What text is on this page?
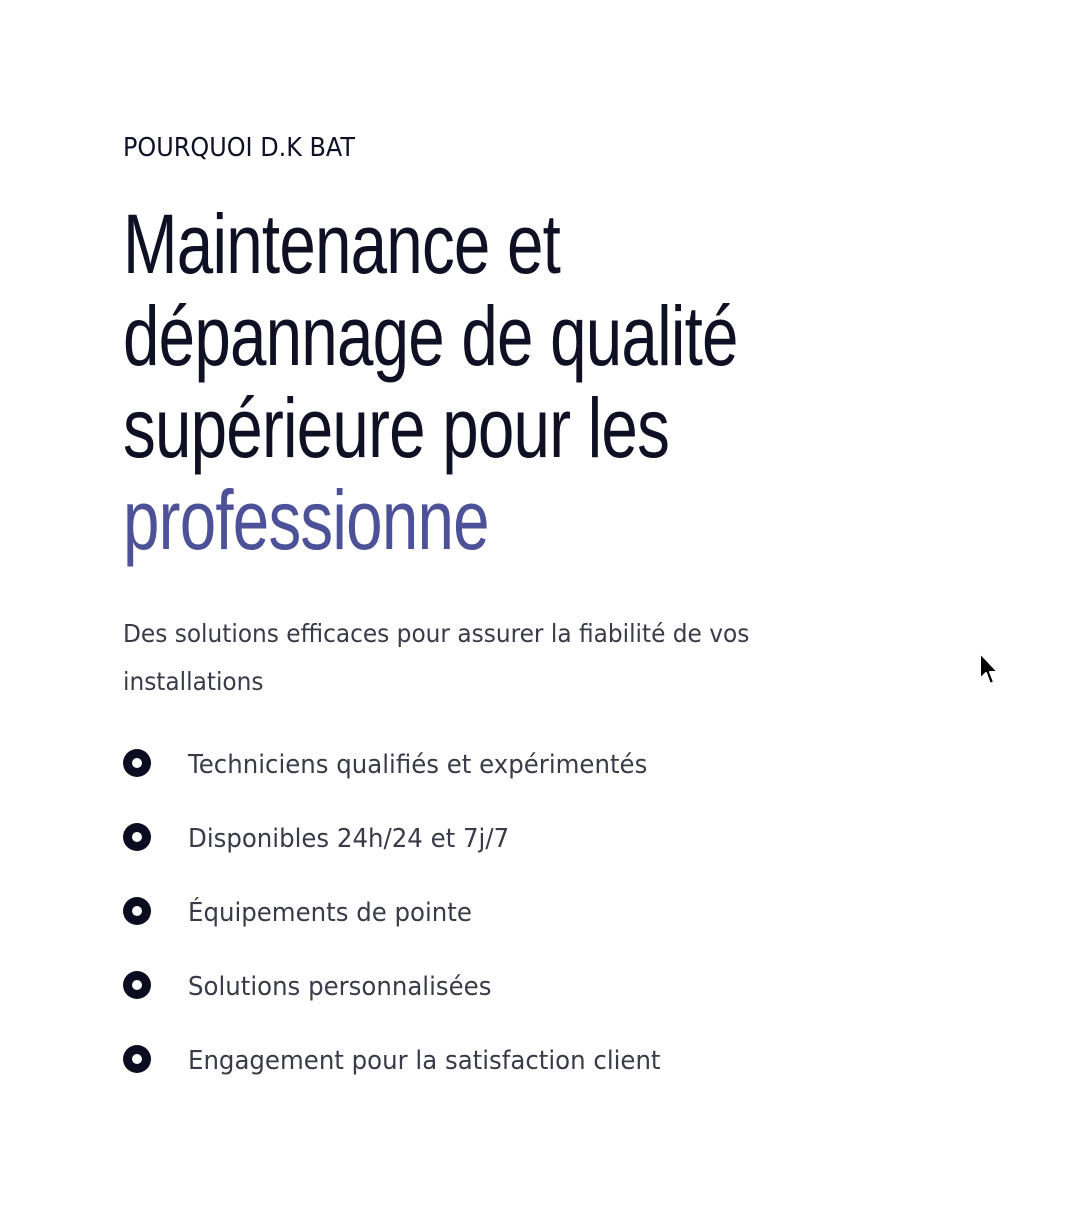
POURQUOI D.K BAT

Maintenance et
dépannage de qualité
supérieure pour les
professionne

Des solutions efficaces pour assurer la fiabilité de vos installations

Techniciens qualifiés et expérimentés
Disponibles 24h/24 et 7j/7
Équipements de pointe
Solutions personnalisées
Engagement pour la satisfaction client
